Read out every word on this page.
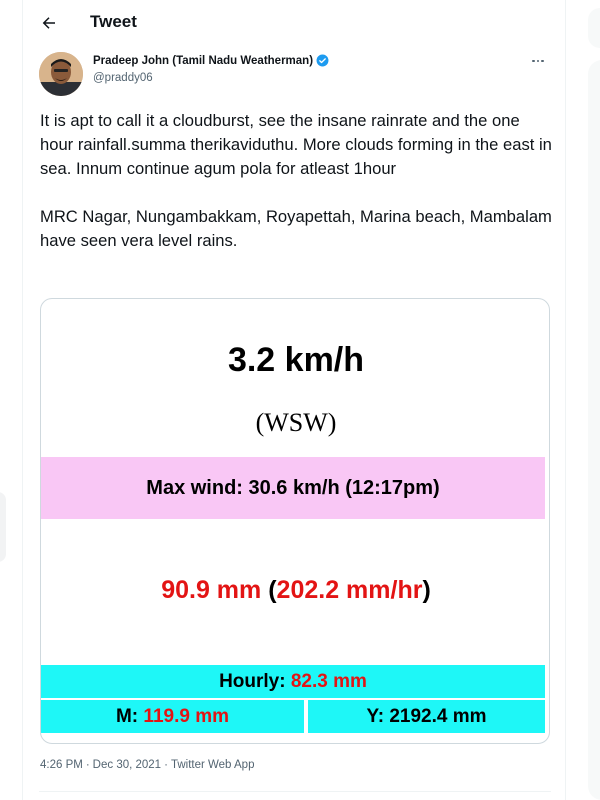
Tweet
Pradeep John (Tamil Nadu Weatherman)
@praddy06
It is apt to call it a cloudburst, see the insane rainrate and the one hour rainfall.summa therikaviduthu. More clouds forming in the east in sea. Innum continue agum pola for atleast 1hour

MRC Nagar, Nungambakkam, Royapettah, Marina beach, Mambalam have seen vera level rains.
3.2 km/h
(WSW)
Max wind: 30.6 km/h (12:17pm)
90.9 mm (202.2 mm/hr)
Hourly:
82.3 mm
M:
119.9 mm	Y: 2192.4 mm
4:26 PM · Dec 30, 2021 · Twitter Web App
